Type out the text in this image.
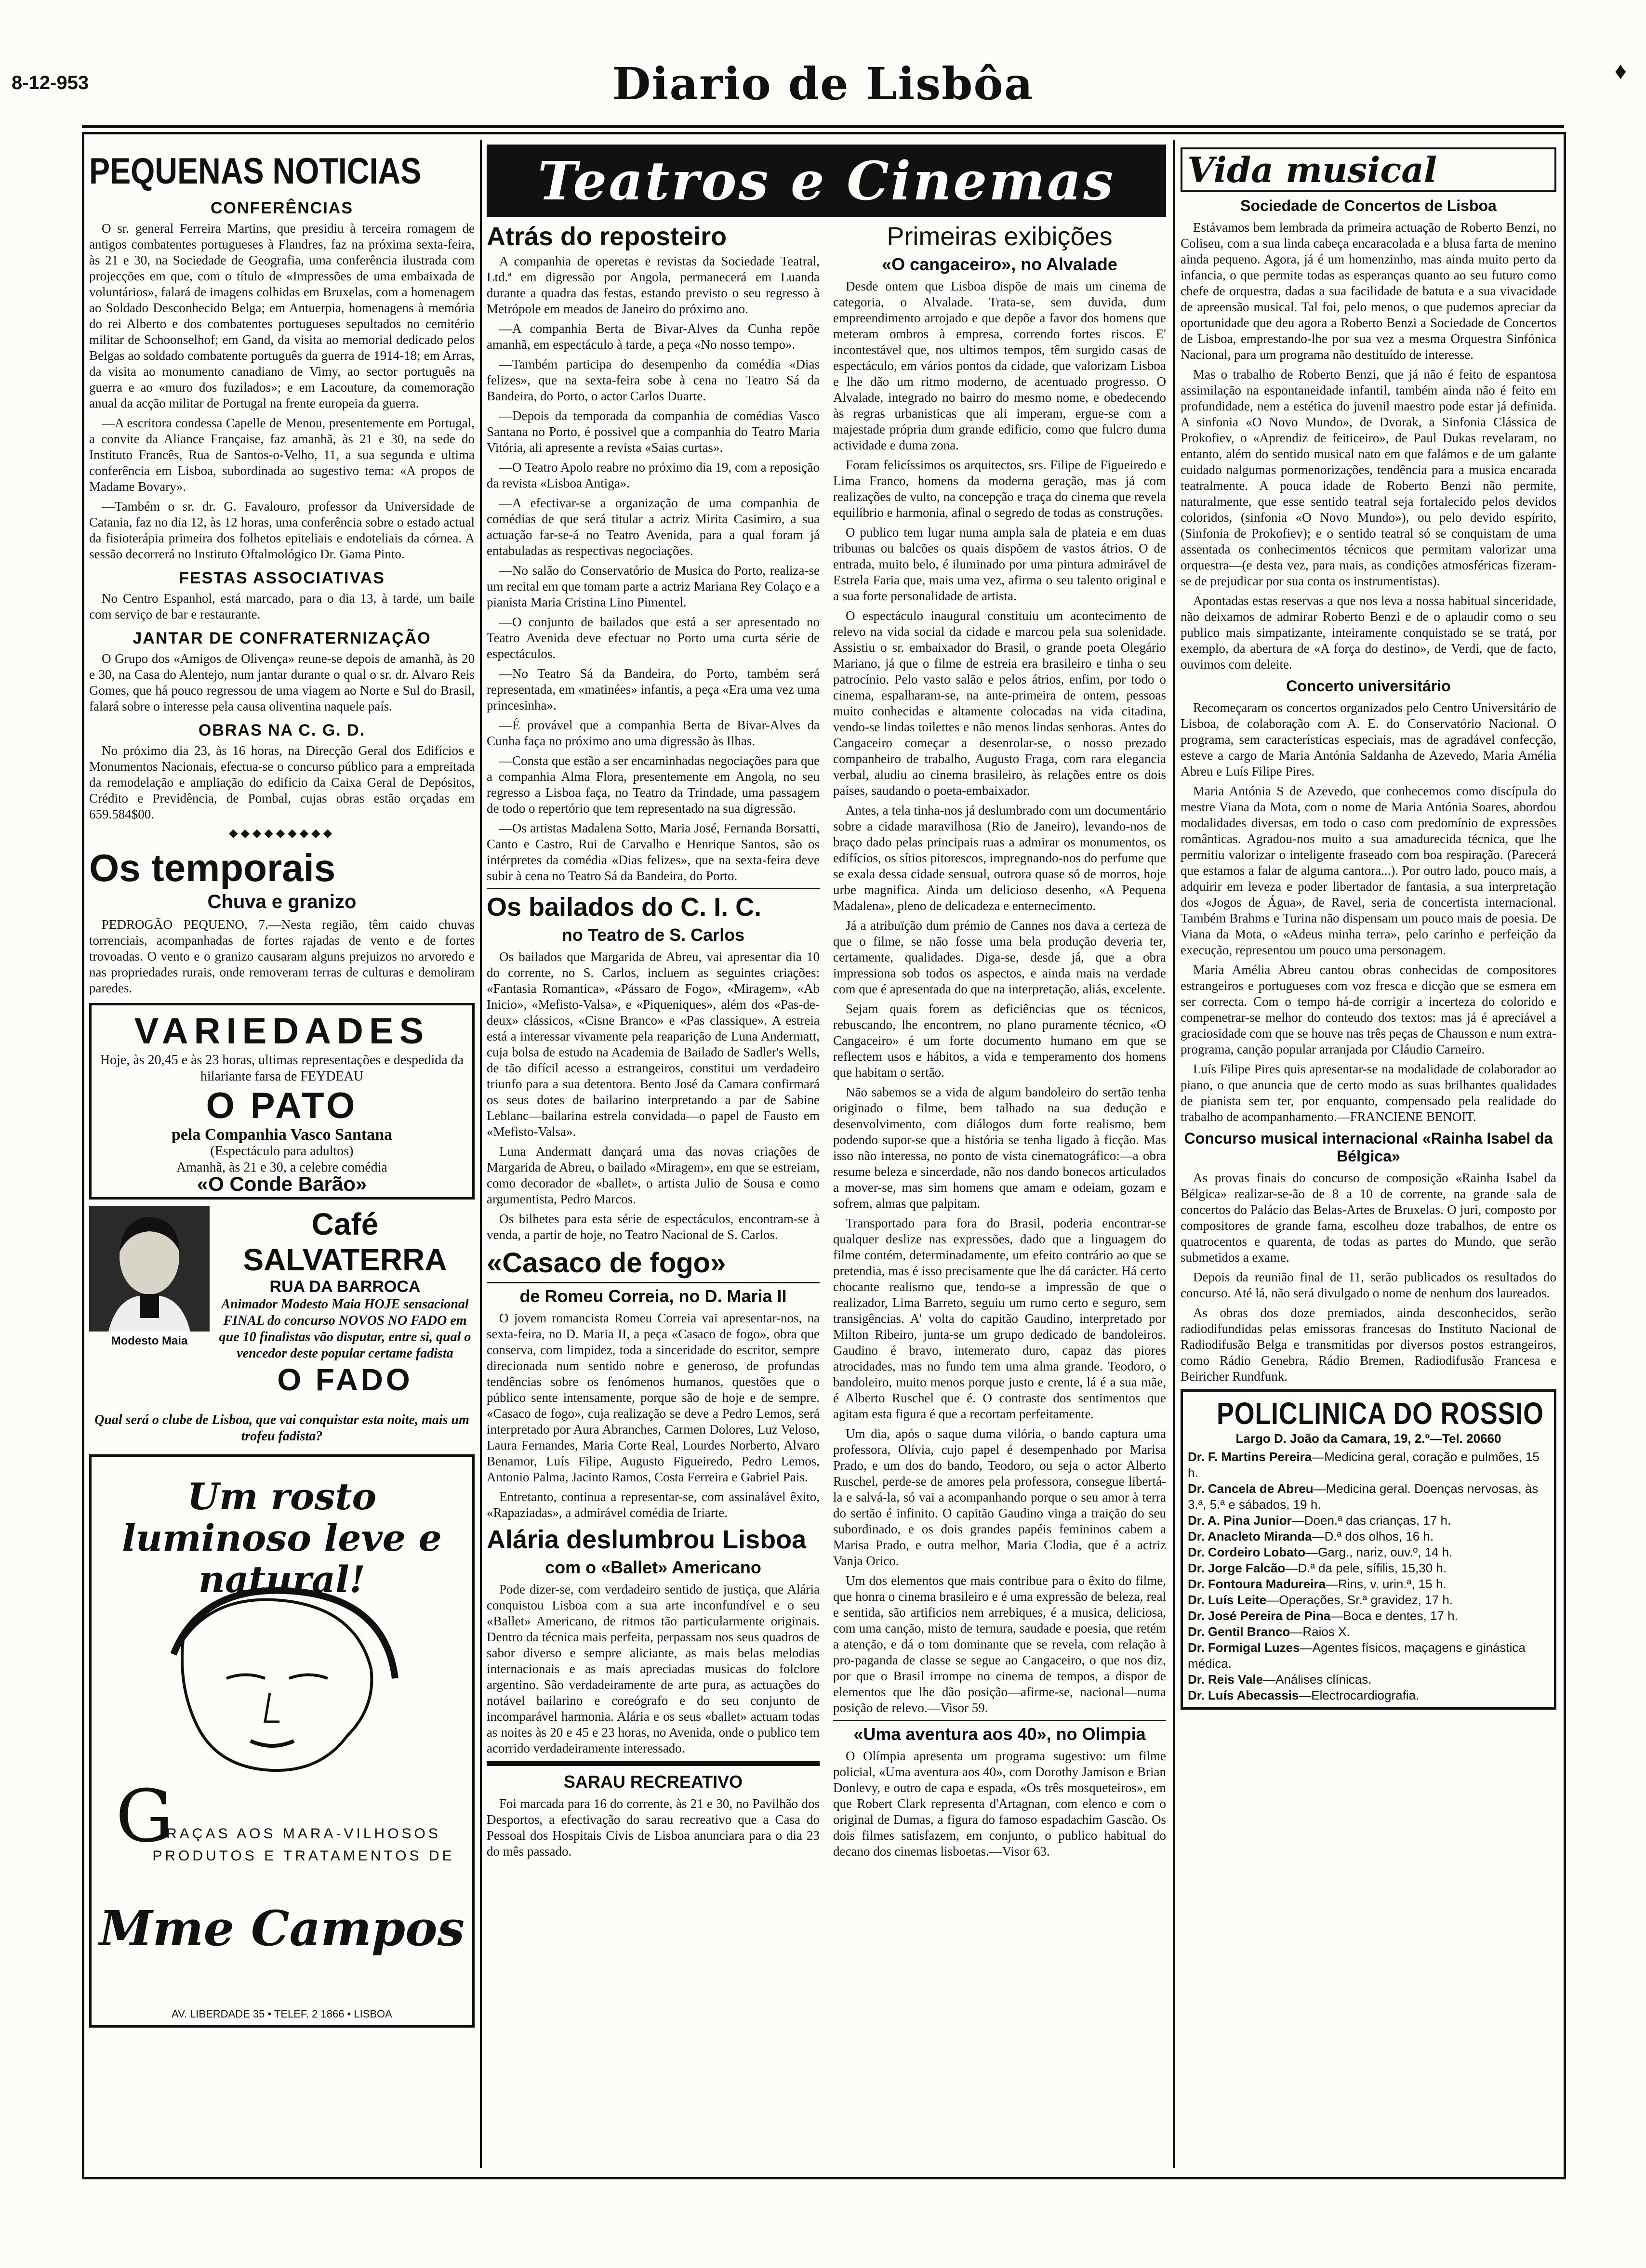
8-12-953	Diario de Lisbôa	♦
PEQUENAS NOTICIAS
CONFERÊNCIAS

O sr. general Ferreira Martins, que presidiu à terceira romagem de antigos combatentes portugueses à Flandres, faz na próxima sexta-feira, às 21 e 30, na Sociedade de Geografia, uma conferência ilustrada com projecções em que, com o título de «Impressões de uma embaixada de voluntários», falará de imagens colhidas em Bruxelas, com a homenagem ao Soldado Desconhecido Belga; em Antuerpia, homenagens à memória do rei Alberto e dos combatentes portugueses sepultados no cemitério militar de Schoonselhof; em Gand, da visita ao memorial dedicado pelos Belgas ao soldado combatente português da guerra de 1914-18; em Arras, da visita ao monumento canadiano de Vimy, ao sector português na guerra e ao «muro dos fuzilados»; e em Lacouture, da comemoração anual da acção militar de Portugal na frente europeia da guerra.

—A escritora condessa Capelle de Menou, presentemente em Portugal, a convite da Aliance Française, faz amanhã, às 21 e 30, na sede do Instituto Francês, Rua de Santos-o-Velho, 11, a sua segunda e ultima conferência em Lisboa, subordinada ao sugestivo tema: «A propos de Madame Bovary».

—Também o sr. dr. G. Favalouro, professor da Universidade de Catania, faz no dia 12, às 12 horas, uma conferência sobre o estado actual da fisioterápia primeira dos folhetos epiteliais e endoteliais da córnea. A sessão decorrerá no Instituto Oftalmológico Dr. Gama Pinto.

FESTAS ASSOCIATIVAS

No Centro Espanhol, está marcado, para o dia 13, à tarde, um baile com serviço de bar e restaurante.

JANTAR DE CONFRATERNIZAÇÃO

O Grupo dos «Amigos de Olivença» reune-se depois de amanhã, às 20 e 30, na Casa do Alentejo, num jantar durante o qual o sr. dr. Alvaro Reis Gomes, que há pouco regressou de uma viagem ao Norte e Sul do Brasil, falará sobre o interesse pela causa oliventina naquele país.

OBRAS NA C. G. D.

No próximo dia 23, às 16 horas, na Direcção Geral dos Edifícios e Monumentos Nacionais, efectua-se o concurso público para a empreitada da remodelação e ampliação do edificio da Caixa Geral de Depósitos, Crédito e Previdência, de Pombal, cujas obras estão orçadas em 659.584$00.

◆◆◆◆◆◆◆◆◆
Os temporais
Chuva e granizo

PEDROGÃO PEQUENO, 7.—Nesta região, têm caido chuvas torrenciais, acompanhadas de fortes rajadas de vento e de fortes trovoadas. O vento e o granizo causaram alguns prejuizos no arvoredo e nas propriedades rurais, onde removeram terras de culturas e demoliram paredes.

VARIEDADES
Hoje, às 20,45 e às 23 horas, ultimas representações e despedida da hilariante farsa de FEYDEAU
O PATO
pela Companhia Vasco Santana
(Espectáculo para adultos)
Amanhã, às 21 e 30, a celebre comédia
«O Conde Barão»
Modesto Maia
Café SALVATERRA
RUA DA BARROCA
Animador Modesto Maia HOJE sensacional FINAL do concurso NOVOS NO FADO em que 10 finalistas vão disputar, entre si, qual o vencedor deste popular certame fadista
O FADO
Qual será o clube de Lisboa, que vai conquistar esta noite, mais um trofeu fadista?
Um rosto luminoso leve e natural!
G
RAÇAS AOS MARA-VILHOSOS PRODUTOS E TRATAMENTOS DE
Mme Campos
AV. LIBERDADE 35 • TELEF. 2 1866 • LISBOA
Teatros e Cinemas
Atrás do reposteiro

A companhia de operetas e revistas da Sociedade Teatral, Ltd.ª em digressão por Angola, permanecerá em Luanda durante a quadra das festas, estando previsto o seu regresso à Metrópole em meados de Janeiro do próximo ano.

—A companhia Berta de Bivar-Alves da Cunha repõe amanhã, em espectáculo à tarde, a peça «No nosso tempo».

—Também participa do desempenho da comédia «Dias felizes», que na sexta-feira sobe à cena no Teatro Sá da Bandeira, do Porto, o actor Carlos Duarte.

—Depois da temporada da companhia de comédias Vasco Santana no Porto, é possivel que a companhia do Teatro Maria Vitória, ali apresente a revista «Saias curtas».

—O Teatro Apolo reabre no próximo dia 19, com a reposição da revista «Lisboa Antiga».

—A efectivar-se a organização de uma companhia de comédias de que será titular a actriz Mirita Casimiro, a sua actuação far-se-á no Teatro Avenida, para a qual foram já entabuladas as respectivas negociações.

—No salão do Conservatório de Musica do Porto, realiza-se um recital em que tomam parte a actriz Mariana Rey Colaço e a pianista Maria Cristina Lino Pimentel.

—O conjunto de bailados que está a ser apresentado no Teatro Avenida deve efectuar no Porto uma curta série de espectáculos.

—No Teatro Sá da Bandeira, do Porto, também será representada, em «matinées» infantis, a peça «Era uma vez uma princesinha».

—É provável que a companhia Berta de Bivar-Alves da Cunha faça no próximo ano uma digressão às Ilhas.

—Consta que estão a ser encaminhadas negociações para que a companhia Alma Flora, presentemente em Angola, no seu regresso a Lisboa faça, no Teatro da Trindade, uma passagem de todo o repertório que tem representado na sua digressão.

—Os artistas Madalena Sotto, Maria José, Fernanda Borsatti, Canto e Castro, Rui de Carvalho e Henrique Santos, são os intérpretes da comédia «Dias felizes», que na sexta-feira deve subir à cena no Teatro Sá da Bandeira, do Porto.

Os bailados do C. I. C.
no Teatro de S. Carlos

Os bailados que Margarida de Abreu, vai apresentar dia 10 do corrente, no S. Carlos, incluem as seguintes criações: «Fantasia Romantica», «Pássaro de Fogo», «Miragem», «Ab Inicio», «Mefisto-Valsa», e «Piqueniques», além dos «Pas-de-deux» clássicos, «Cisne Branco» e «Pas classique». A estreia está a interessar vivamente pela reaparição de Luna Andermatt, cuja bolsa de estudo na Academia de Bailado de Sadler's Wells, de tão difícil acesso a estrangeiros, constitui um verdadeiro triunfo para a sua detentora. Bento José da Camara confirmará os seus dotes de bailarino interpretando a par de Sabine Leblanc—bailarina estrela convidada—o papel de Fausto em «Mefisto-Valsa».

Luna Andermatt dançará uma das novas criações de Margarida de Abreu, o bailado «Miragem», em que se estreiam, como decorador de «ballet», o artista Julio de Sousa e como argumentista, Pedro Marcos.

Os bilhetes para esta série de espectáculos, encontram-se à venda, a partir de hoje, no Teatro Nacional de S. Carlos.

«Casaco de fogo»
de Romeu Correia, no D. Maria II

O jovem romancista Romeu Correia vai apresentar-nos, na sexta-feira, no D. Maria II, a peça «Casaco de fogo», obra que conserva, com limpidez, toda a sinceridade do escritor, sempre direcionada num sentido nobre e generoso, de profundas tendências sobre os fenómenos humanos, questões que o público sente intensamente, porque são de hoje e de sempre. «Casaco de fogo», cuja realização se deve a Pedro Lemos, será interpretado por Aura Abranches, Carmen Dolores, Luz Veloso, Laura Fernandes, Maria Corte Real, Lourdes Norberto, Alvaro Benamor, Luís Filipe, Augusto Figueiredo, Pedro Lemos, Antonio Palma, Jacinto Ramos, Costa Ferreira e Gabriel Pais.

Entretanto, continua a representar-se, com assinalável êxito, «Rapaziadas», a admirável comédia de Iriarte.

Alária deslumbrou Lisboa
com o «Ballet» Americano

Pode dizer-se, com verdadeiro sentido de justiça, que Alária conquistou Lisboa com a sua arte inconfundível e o seu «Ballet» Americano, de ritmos tão particularmente originais. Dentro da técnica mais perfeita, perpassam nos seus quadros de sabor diverso e sempre aliciante, as mais belas melodias internacionais e as mais apreciadas musicas do folclore argentino. São verdadeiramente de arte pura, as actuações do notável bailarino e coreógrafo e do seu conjunto de incomparável harmonia. Alária e os seus «ballet» actuam todas as noites às 20 e 45 e 23 horas, no Avenida, onde o publico tem acorrido verdadeiramente interessado.

SARAU RECREATIVO

Foi marcada para 16 do corrente, às 21 e 30, no Pavilhão dos Desportos, a efectivação do sarau recreativo que a Casa do Pessoal dos Hospitais Civis de Lisboa anunciara para o dia 23 do mês passado.

Primeiras exibições
«O cangaceiro», no Alvalade

Desde ontem que Lisboa dispõe de mais um cinema de categoria, o Alvalade. Trata-se, sem duvida, dum empreendimento arrojado e que depõe a favor dos homens que meteram ombros à empresa, correndo fortes riscos. E' incontestável que, nos ultimos tempos, têm surgido casas de espectáculo, em vários pontos da cidade, que valorizam Lisboa e lhe dão um ritmo moderno, de acentuado progresso. O Alvalade, integrado no bairro do mesmo nome, e obedecendo às regras urbanisticas que ali imperam, ergue-se com a majestade própria dum grande edificio, como que fulcro duma actividade e duma zona.

Foram felicíssimos os arquitectos, srs. Filipe de Figueiredo e Lima Franco, homens da moderna geração, mas já com realizações de vulto, na concepção e traça do cinema que revela equilíbrio e harmonia, afinal o segredo de todas as construções.

O publico tem lugar numa ampla sala de plateia e em duas tribunas ou balcões os quais dispõem de vastos átrios. O de entrada, muito belo, é iluminado por uma pintura admirável de Estrela Faria que, mais uma vez, afirma o seu talento original e a sua forte personalidade de artista.

O espectáculo inaugural constituiu um acontecimento de relevo na vida social da cidade e marcou pela sua solenidade. Assistiu o sr. embaixador do Brasil, o grande poeta Olegário Mariano, já que o filme de estreia era brasileiro e tinha o seu patrocínio. Pelo vasto salão e pelos átrios, enfim, por todo o cinema, espalharam-se, na ante-primeira de ontem, pessoas muito conhecidas e altamente colocadas na vida citadina, vendo-se lindas toilettes e não menos lindas senhoras. Antes do Cangaceiro começar a desenrolar-se, o nosso prezado companheiro de trabalho, Augusto Fraga, com rara elegancia verbal, aludiu ao cinema brasileiro, às relações entre os dois países, saudando o poeta-embaixador.

Antes, a tela tinha-nos já deslumbrado com um documentário sobre a cidade maravilhosa (Rio de Janeiro), levando-nos de braço dado pelas principais ruas a admirar os monumentos, os edifícios, os sítios pitorescos, impregnando-nos do perfume que se exala dessa cidade sensual, outrora quase só de morros, hoje urbe magnifica. Ainda um delicioso desenho, «A Pequena Madalena», pleno de delicadeza e enternecimento.

Já a atribuïção dum prémio de Cannes nos dava a certeza de que o filme, se não fosse uma bela produção deveria ter, certamente, qualidades. Diga-se, desde já, que a obra impressiona sob todos os aspectos, e ainda mais na verdade com que é apresentada do que na interpretação, aliás, excelente.

Sejam quais forem as deficiências que os técnicos, rebuscando, lhe encontrem, no plano puramente técnico, «O Cangaceiro» é um forte documento humano em que se reflectem usos e hábitos, a vida e temperamento dos homens que habitam o sertão.

Não sabemos se a vida de algum bandoleiro do sertão tenha originado o filme, bem talhado na sua dedução e desenvolvimento, com diálogos dum forte realismo, bem podendo supor-se que a história se tenha ligado à ficção. Mas isso não interessa, no ponto de vista cinematográfico:—a obra resume beleza e sincerdade, não nos dando bonecos articulados a mover-se, mas sim homens que amam e odeiam, gozam e sofrem, almas que palpitam.

Transportado para fora do Brasil, poderia encontrar-se qualquer deslize nas expressões, dado que a linguagem do filme contém, determinadamente, um efeito contrário ao que se pretendia, mas é isso precisamente que lhe dá carácter. Há certo chocante realismo que, tendo-se a impressão de que o realizador, Lima Barreto, seguiu um rumo certo e seguro, sem transigências. A' volta do capitão Gaudino, interpretado por Milton Ribeiro, junta-se um grupo dedicado de bandoleiros. Gaudino é bravo, intemerato duro, capaz das piores atrocidades, mas no fundo tem uma alma grande. Teodoro, o bandoleiro, muito menos porque justo e crente, lá é a sua mãe, é Alberto Ruschel que é. O contraste dos sentimentos que agitam esta figura é que a recortam perfeitamente.

Um dia, após o saque duma vilória, o bando captura uma professora, Olívia, cujo papel é desempenhado por Marisa Prado, e um dos do bando, Teodoro, ou seja o actor Alberto Ruschel, perde-se de amores pela professora, consegue libertá-la e salvá-la, só vai a acompanhando porque o seu amor à terra do sertão é infinito. O capitão Gaudino vinga a traição do seu subordinado, e os dois grandes papéis femininos cabem a Marisa Prado, e outra melhor, Maria Clodia, que é a actriz Vanja Orico.

Um dos elementos que mais contribue para o êxito do filme, que honra o cinema brasileiro e é uma expressão de beleza, real e sentida, são artificios nem arrebiques, é a musica, deliciosa, com uma canção, misto de ternura, saudade e poesia, que retém a atenção, e dá o tom dominante que se revela, com relação à pro-paganda de classe se segue ao Cangaceiro, o que nos diz, por que o Brasil irrompe no cinema de tempos, a dispor de elementos que lhe dão posição—afirme-se, nacional—numa posição de relevo.—Visor 59.

«Uma aventura aos 40», no Olimpia

O Olímpia apresenta um programa sugestivo: um filme policial, «Uma aventura aos 40», com Dorothy Jamison e Brian Donlevy, e outro de capa e espada, «Os três mosqueteiros», em que Robert Clark representa d'Artagnan, com elenco e com o original de Dumas, a figura do famoso espadachim Gascão. Os dois filmes satisfazem, em conjunto, o publico habitual do decano dos cinemas lisboetas.—Visor 63.

Vida musical
Sociedade de Concertos de Lisboa

Estávamos bem lembrada da primeira actuação de Roberto Benzi, no Coliseu, com a sua linda cabeça encaracolada e a blusa farta de menino ainda pequeno. Agora, já é um homenzinho, mas ainda muito perto da infancia, o que permite todas as esperanças quanto ao seu futuro como chefe de orquestra, dadas a sua facilidade de batuta e a sua vivacidade de apreensão musical. Tal foi, pelo menos, o que pudemos apreciar da oportunidade que deu agora a Roberto Benzi a Sociedade de Concertos de Lisboa, emprestando-lhe por sua vez a mesma Orquestra Sinfónica Nacional, para um programa não destituído de interesse.

Mas o trabalho de Roberto Benzi, que já não é feito de espantosa assimilação na espontaneidade infantil, também ainda não é feito em profundidade, nem a estética do juvenil maestro pode estar já definida. A sinfonia «O Novo Mundo», de Dvorak, a Sinfonia Clássica de Prokofiev, o «Aprendiz de feiticeiro», de Paul Dukas revelaram, no entanto, além do sentido musical nato em que falámos e de um galante cuidado nalgumas pormenorizações, tendência para a musica encarada teatralmente. A pouca idade de Roberto Benzi não permite, naturalmente, que esse sentido teatral seja fortalecido pelos devidos coloridos, (sinfonia «O Novo Mundo»), ou pelo devido espírito, (Sinfonia de Prokofiev); e o sentido teatral só se conquistam de uma assentada os conhecimentos técnicos que permitam valorizar uma orquestra—(e desta vez, para mais, as condições atmosféricas fizeram-se de prejudicar por sua conta os instrumentistas).

Apontadas estas reservas a que nos leva a nossa habitual sinceridade, não deixamos de admirar Roberto Benzi e de o aplaudir como o seu publico mais simpatizante, inteiramente conquistado se se tratá, por exemplo, da abertura de «A força do destino», de Verdi, que de facto, ouvimos com deleite.

Concerto universitário

Recomeçaram os concertos organizados pelo Centro Universitário de Lisboa, de colaboração com A. E. do Conservatório Nacional. O programa, sem características especiais, mas de agradável confecção, esteve a cargo de Maria Antónia Saldanha de Azevedo, Maria Amélia Abreu e Luís Filipe Pires.

Maria Antónia S de Azevedo, que conhecemos como discípula do mestre Viana da Mota, com o nome de Maria Antónia Soares, abordou modalidades diversas, em todo o caso com predomínio de expressões românticas. Agradou-nos muito a sua amadurecida técnica, que lhe permitiu valorizar o inteligente fraseado com boa respiração. (Parecerá que estamos a falar de alguma cantora...). Por outro lado, pouco mais, a adquirir em leveza e poder libertador de fantasia, a sua interpretação dos «Jogos de Água», de Ravel, seria de concertista internacional. Também Brahms e Turina não dispensam um pouco mais de poesia. De Viana da Mota, o «Adeus minha terra», pelo carinho e perfeição da execução, representou um pouco uma personagem.

Maria Amélia Abreu cantou obras conhecidas de compositores estrangeiros e portugueses com voz fresca e dicção que se esmera em ser correcta. Com o tempo há-de corrigir a incerteza do colorido e compenetrar-se melhor do conteudo dos textos: mas já é apreciável a graciosidade com que se houve nas três peças de Chausson e num extra-programa, canção popular arranjada por Cláudio Carneiro.

Luís Filipe Pires quis apresentar-se na modalidade de colaborador ao piano, o que anuncia que de certo modo as suas brilhantes qualidades de pianista sem ter, por enquanto, compensado pela realidade do trabalho de acompanhamento.—FRANCIENE BENOIT.

Concurso musical internacional «Rainha Isabel da Bélgica»

As provas finais do concurso de composição «Rainha Isabel da Bélgica» realizar-se-ão de 8 a 10 de corrente, na grande sala de concertos do Palácio das Belas-Artes de Bruxelas. O juri, composto por compositores de grande fama, escolheu doze trabalhos, de entre os quatrocentos e quarenta, de todas as partes do Mundo, que serão submetidos a exame.

Depois da reunião final de 11, serão publicados os resultados do concurso. Até lá, não será divulgado o nome de nenhum dos laureados.

As obras dos doze premiados, ainda desconhecidos, serão radiodifundidas pelas emissoras francesas do Instituto Nacional de Radiodifusão Belga e transmitidas por diversos postos estrangeiros, como Rádio Genebra, Rádio Bremen, Radiodifusão Francesa e Beiricher Rundfunk.

POLICLINICA DO ROSSIO
Largo D. João da Camara, 19, 2.º—Tel. 20660
Dr. F. Martins Pereira—Medicina geral, coração e pulmões, 15 h.
Dr. Cancela de Abreu—Medicina geral. Doenças nervosas, às 3.ª, 5.ª e sábados, 19 h.
Dr. A. Pina Junior—Doen.ª das crianças, 17 h.
Dr. Anacleto Miranda—D.ª dos olhos, 16 h.
Dr. Cordeiro Lobato—Garg., nariz, ouv.º, 14 h.
Dr. Jorge Falcão—D.ª da pele, sífilis, 15,30 h.
Dr. Fontoura Madureira—Rins, v. urin.ª, 15 h.
Dr. Luís Leite—Operações, Sr.ª gravidez, 17 h.
Dr. José Pereira de Pina—Boca e dentes, 17 h.
Dr. Gentil Branco—Raios X.
Dr. Formigal Luzes—Agentes físicos, maçagens e ginástica médica.
Dr. Reis Vale—Análises clínicas.
Dr. Luís Abecassis—Electrocardiografia.
